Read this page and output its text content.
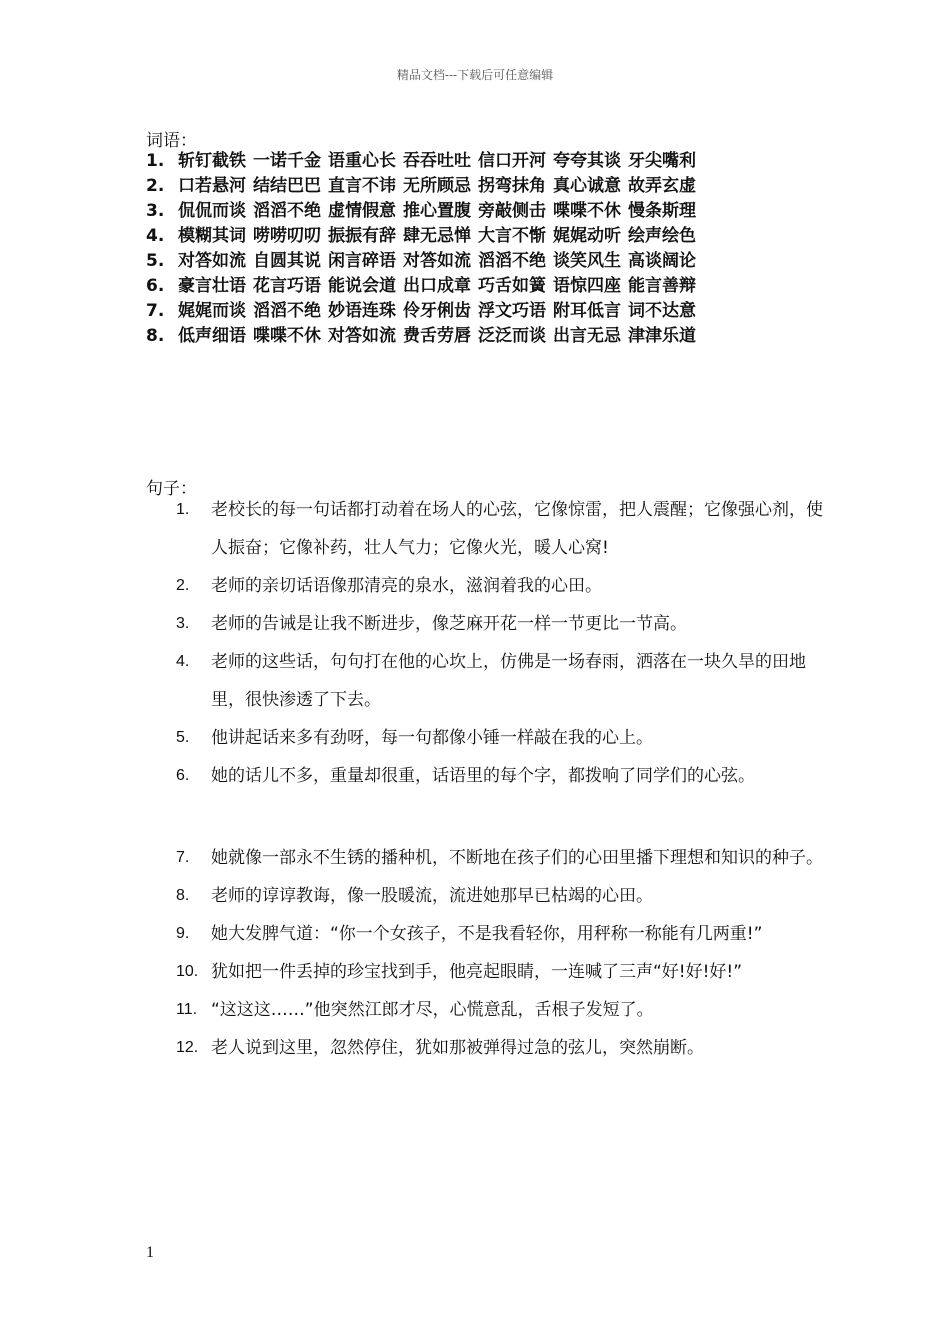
精品文档---下载后可任意编辑
词语：
1. 斩钉截铁 一诺千金 语重心长 吞吞吐吐 信口开河 夸夸其谈 牙尖嘴利
2. 口若悬河 结结巴巴 直言不讳 无所顾忌 拐弯抹角 真心诚意 故弄玄虚
3. 侃侃而谈 滔滔不绝 虚情假意 推心置腹 旁敲侧击 喋喋不休 慢条斯理
4. 模糊其词 唠唠叨叨 振振有辞 肆无忌惮 大言不惭 娓娓动听 绘声绘色
5. 对答如流 自圆其说 闲言碎语 对答如流 滔滔不绝 谈笑风生 高谈阔论
6. 豪言壮语 花言巧语 能说会道 出口成章 巧舌如簧 语惊四座 能言善辩
7. 娓娓而谈 滔滔不绝 妙语连珠 伶牙俐齿 浮文巧语 附耳低言 词不达意
8. 低声细语 喋喋不休 对答如流 费舌劳唇 泛泛而谈 出言无忌 津津乐道
句子：
1.	老校长的每一句话都打动着在场人的心弦，它像惊雷，把人震醒；它像强心剂，使人振奋；它像补药，壮人气力；它像火光，暖人心窝!
2.	老师的亲切话语像那清亮的泉水，滋润着我的心田。
3.	老师的告诫是让我不断进步，像芝麻开花一样一节更比一节高。
4.	老师的这些话，句句打在他的心坎上，仿佛是一场春雨，洒落在一块久旱的田地里，很快渗透了下去。
5.	他讲起话来多有劲呀，每一句都像小锤一样敲在我的心上。
6.	她的话儿不多，重量却很重，话语里的每个字，都拨响了同学们的心弦。
7.	她就像一部永不生锈的播种机，不断地在孩子们的心田里播下理想和知识的种子。
8.	老师的谆谆教诲，像一股暖流，流进她那早已枯竭的心田。
9.	她大发脾气道：“你一个女孩子，不是我看轻你，用秤称一称能有几两重!”
10. 犹如把一件丢掉的珍宝找到手，他亮起眼睛，一连喊了三声“好!好!好!”
11. “这这这……”他突然江郎才尽，心慌意乱，舌根子发短了。
12. 老人说到这里，忽然停住，犹如那被弹得过急的弦儿，突然崩断。
1
